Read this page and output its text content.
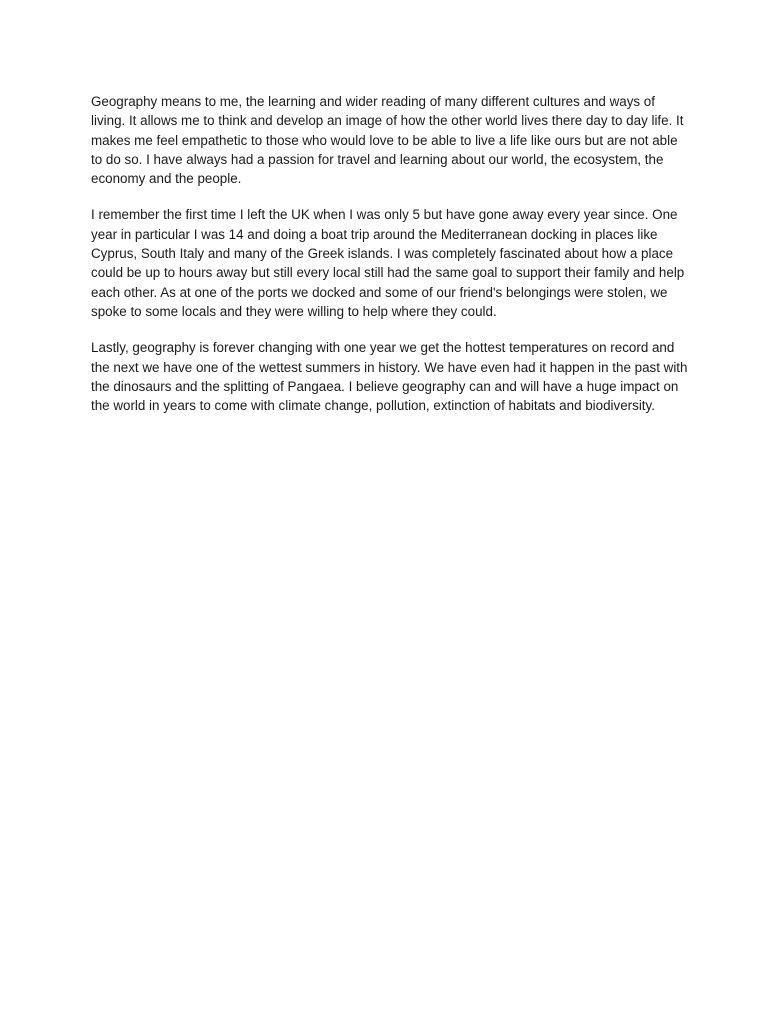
Geography means to me, the learning and wider reading of many different cultures and ways of living. It allows me to think and develop an image of how the other world lives there day to day life. It makes me feel empathetic to those who would love to be able to live a life like ours but are not able to do so. I have always had a passion for travel and learning about our world, the ecosystem, the economy and the people.

I remember the first time I left the UK when I was only 5 but have gone away every year since. One year in particular I was 14 and doing a boat trip around the Mediterranean docking in places like Cyprus, South Italy and many of the Greek islands. I was completely fascinated about how a place could be up to hours away but still every local still had the same goal to support their family and help each other. As at one of the ports we docked and some of our friend's belongings were stolen, we spoke to some locals and they were willing to help where they could.

Lastly, geography is forever changing with one year we get the hottest temperatures on record and the next we have one of the wettest summers in history. We have even had it happen in the past with the dinosaurs and the splitting of Pangaea. I believe geography can and will have a huge impact on the world in years to come with climate change, pollution, extinction of habitats and biodiversity.
